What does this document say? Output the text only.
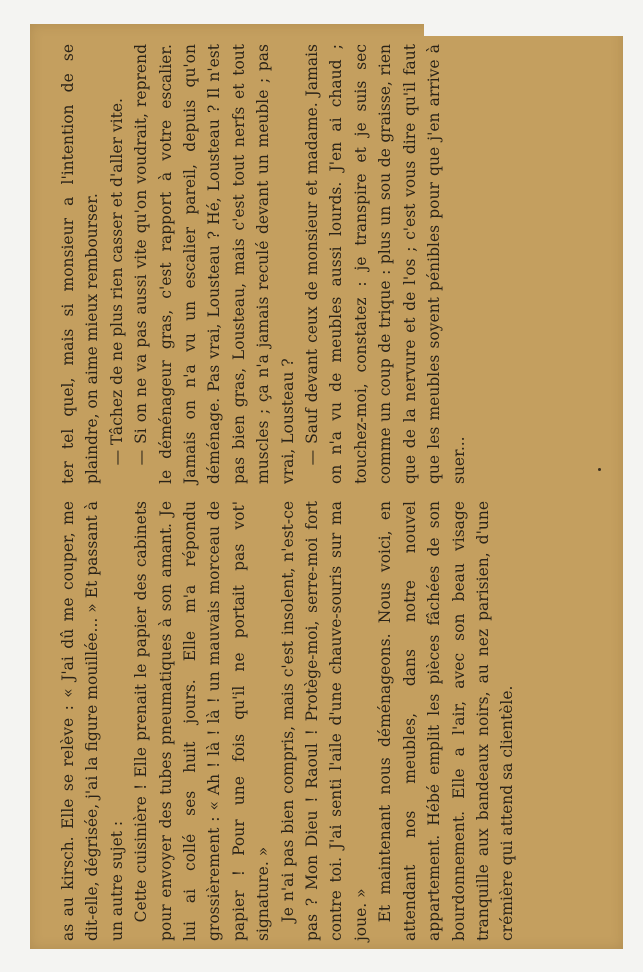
as au kirsch. Elle se relève : « J'ai dû me couper, me dit-elle, dégrisée, j'ai la figure mouillée... » Et passant à un autre sujet : Cette cuisinière ! Elle prenait le papier des cabinets pour envoyer des tubes pneumatiques à son amant. Je lui ai collé ses huit jours. Elle m'a répondu grossièrement : « Ah ! là ! là ! un mauvais morceau de papier ! Pour une fois qu'il ne portait pas vot' signature. » Je n'ai pas bien compris, mais c'est insolent, n'est-ce pas ? Mon Dieu ! Raoul ! Protège-moi, serre-moi fort contre toi. J'ai senti l'aile d'une chauve-souris sur ma joue. » Et maintenant nous déménageons. Nous voici, en attendant nos meubles, dans notre nouvel appartement. Hébé emplit les pièces fâchées de son bourdonnement. Elle a l'air, avec son beau visage tranquille aux bandeaux noirs, au nez parisien, d'une crémière qui attend sa clientèle.

ter tel quel, mais si monsieur a l'intention de se plaindre, on aime mieux rembourser. — Tâchez de ne plus rien casser et d'aller vite. — Si on ne va pas aussi vite qu'on voudrait, reprend le déménageur gras, c'est rapport à votre escalier. Jamais on n'a vu un escalier pareil, depuis qu'on déménage. Pas vrai, Lousteau ? Hé, Lousteau ? Il n'est pas bien gras, Lousteau, mais c'est tout nerfs et tout muscles ; ça n'a jamais reculé devant un meuble ; pas vrai, Lousteau ? — Sauf devant ceux de monsieur et madame. Jamais on n'a vu de meubles aussi lourds. J'en ai chaud ; touchez-moi, constatez : je transpire et je suis sec comme un coup de trique : plus un sou de graisse, rien que de la nervure et de l'os ; c'est vous dire qu'il faut que les meubles soyent pénibles pour que j'en arrive à suer...
